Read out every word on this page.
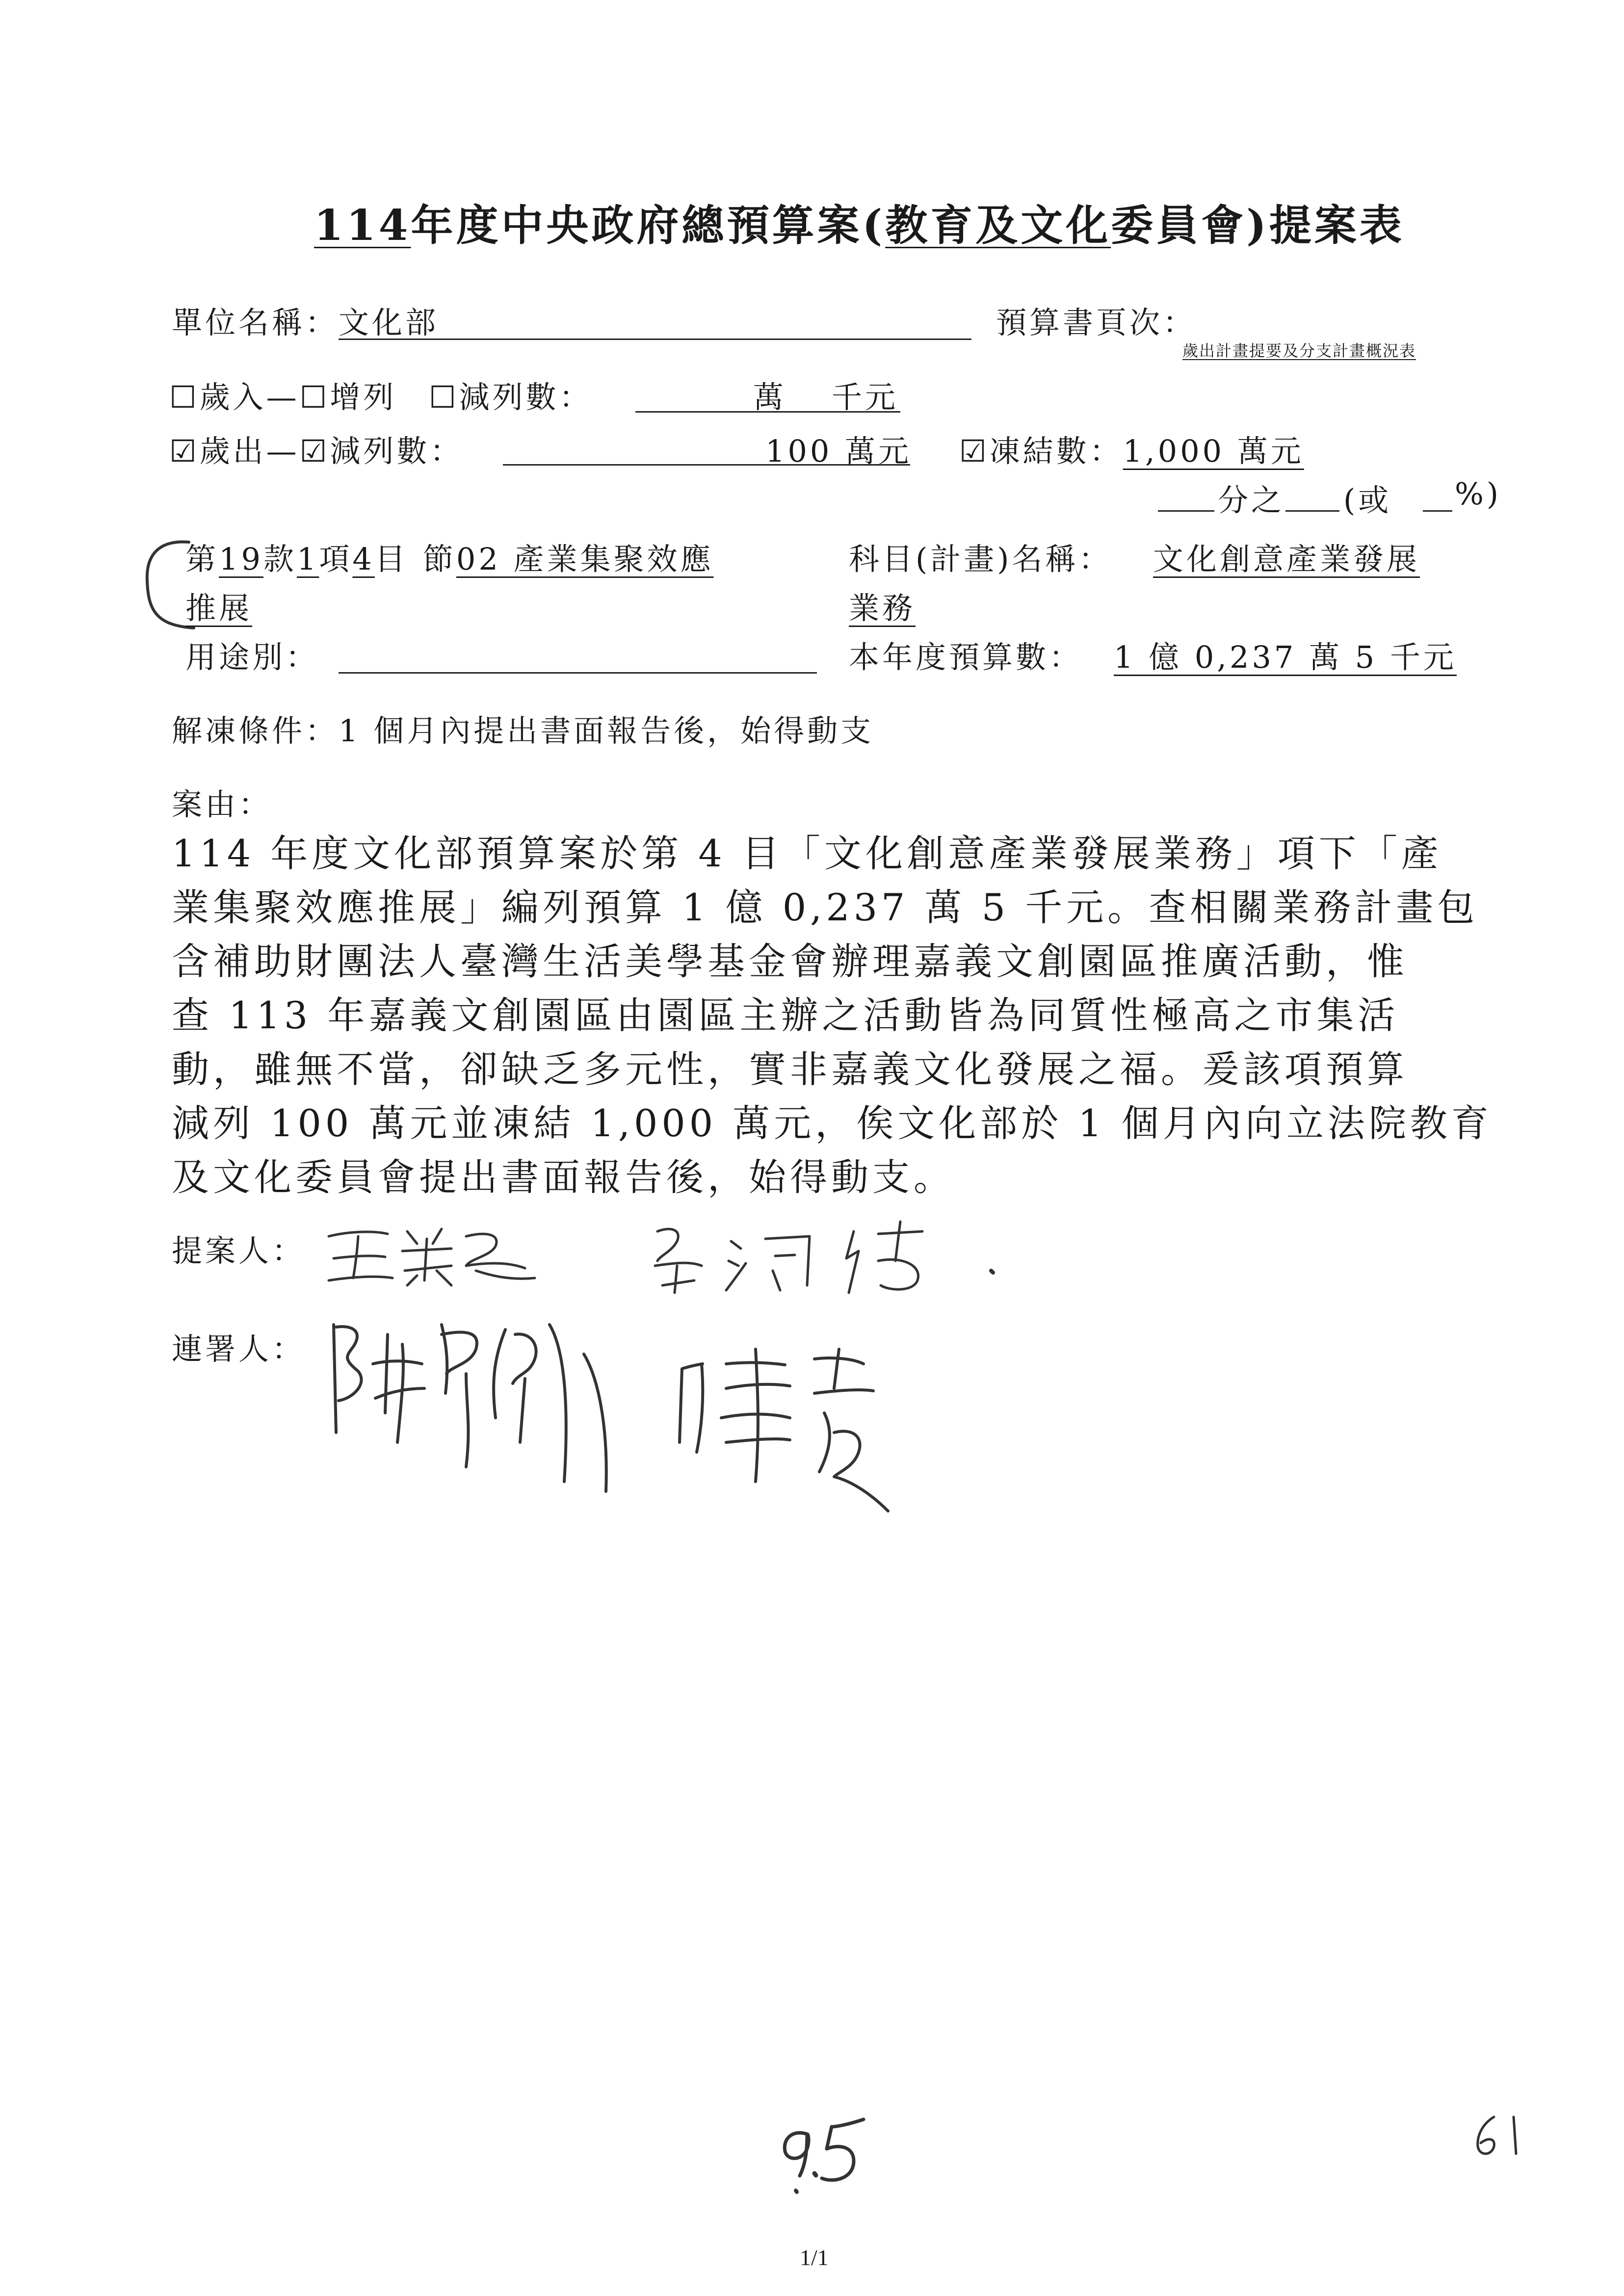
114年度中央政府總預算案(教育及文化委員會)提案表
單位名稱： 文化部	預算書頁次：
歲出計畫提要及分支計畫概況表
☐歲入—☐增列 ☐減列數：	萬 千元
☑歲出—☑減列數：	100 萬元 ☑凍結數：1,000 萬元
分之 (或 %)
第19款1項4目 節02 產業集聚效應
推展
科目(計畫)名稱： 文化創意產業發展
業務
用途別：	本年度預算數： 1 億 0,237 萬 5 千元
解凍條件：1 個月內提出書面報告後，始得動支
案由：
114 年度文化部預算案於第 4 目「文化創意產業發展業務」項下「產
業集聚效應推展」編列預算 1 億 0,237 萬 5 千元。查相關業務計畫包
含補助財團法人臺灣生活美學基金會辦理嘉義文創園區推廣活動，惟
查 113 年嘉義文創園區由園區主辦之活動皆為同質性極高之市集活
動，雖無不當，卻缺乏多元性，實非嘉義文化發展之福。爰該項預算
減列 100 萬元並凍結 1,000 萬元，俟文化部於 1 個月內向立法院教育
及文化委員會提出書面報告後，始得動支。
提案人：
連署人：
1/1
